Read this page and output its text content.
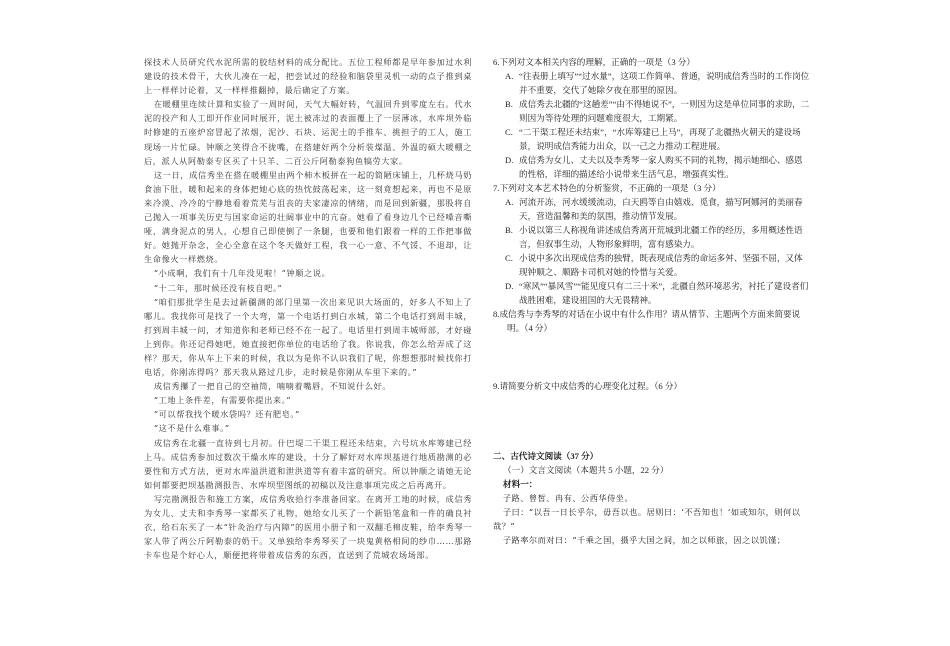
探技术人员研究代水泥所需的胶结材料的成分配比。五位工程师都是早年参加过水利建设的技术骨干，大伙儿凑在一起，把尝试过的经验和脑袋里灵机一动的点子推到桌上一样样讨论着，又一样样推翻掉，最后确定了方案。

在暖棚里连续计算和实验了一周时间，天气大幅好转，气温回升到零度左右。代水泥的投产和人工即开作业同时展开，泥土被冻过的表面覆上了一层薄冰，水库坝外临时修建的五座炉窑冒起了浓烟，泥沙、石块、运泥土的手推车、挑担子的工人，施工现场一片忙碌。钟顺之笑得合不拢嘴，在搭建好两个分析装煤温、外温的硕大暖棚之后，派人从阿勒泰专区买了十只羊、二百公斤阿勒泰狗鱼犒劳大家。

这一日，成信秀坐在搭在暖棚里由两个柿木板拼在一起的简陋床铺上，几杯烧马奶食油下肚，暖和起来的身体把她心底的热忱鼓荡起来，这一刻竟想起来，再也不是原来冷漠、冷冷的宁静地看着荒芜与沮丧的夫家凄凉的情绪，而是回到新疆，那股将自己抛入一项事关历史与国家命运的壮阔事业中的亢奋。她看了看身边几个已经嗓音嘶哑，满身泥点的男人，心想自己即使倒了一条腿，也要和他们跟着一样的工作把事做好。她抛开杂念，全心全意在这个冬天做好工程，我一心一意、不气馁、不退却，让生命像火一样燃烧。

“小成啊，我们有十几年没见啦！”钟顺之说。

“十二年，那时候还没有枝自吧。”

“咱们那批学生是去过新疆测的部门里第一次出来见识大场面的，好多人不知上了哪儿。我找你可是找了一个大弯，第一个电话打到白水城，第二个电话打到周丰城，打到周丰城一问，才知道你和老师已经不在一起了。电话里打到周丰城师部，才好碰上到你。你还记得她吧，她直接把你单位的电话给了我。你说我，你怎么给弄成了这样？那天，你从车上下来的时候，我以为是你不认识我们了呢，你想想那时候找你打电话，你刚冻得吗？那天我从路过几步，走时候是你刚从车里下来的。”

成信秀攥了一把自己的空袖筒，喃喃着嘴唇，不知说什么好。

“工地上条件差，有需要你提出来。”

“可以帮我找个暖水袋吗？还有肥皂。”

“这不是什么难事。”

成信秀在北疆一直待到七月初。什巴堤二干渠工程还未结束，六号坑水库筹建已经上马。成信秀参加过数次干燥水库的建设，十分了解好对水库坝基进行地质勘测的必要性和方式方法，更对水库溢洪道和泄洪道等有着丰富的研究。所以钟顺之请她无论如何都要把坝基勘测报告、水库坝型图纸的初稿以及注意事项完成之后再离开。

写完勘测报告和施工方案，成信秀收拾行李准备回家。在离开工地的时候，成信秀为女儿、丈夫和李秀琴一家都买了礼物，她给女儿买了一个新铅笔盒和一件的确良衬衣，给石东买了一本“针灸治疗与内障”的医用小册子和一双翻毛棉皮鞋，给李秀琴一家人带了两公斤阿勒泰的奶干。又单独给李秀琴买了一块鬼黄格相间的纱巾……那路卡车也是个好心人，顺便把将带着成信秀的东西，直送到了荒城农场场部。

6.下列对文本相关内容的理解，正确的一项是（3 分）

A. “往表册上填写”“过水量”，这项工作简单、普通，说明成信秀当时的工作岗位并不重要，交代了她除夕夜在那里的原因。

B. 成信秀去北疆的“这趟差”“由不得她说不”，一则因为这是单位同事的求助，二则因为等待处理的问题难度很大，工期紧。

C. “二干渠工程还未结束”，“水库筹建已上马”，再现了北疆热火朝天的建设场景，说明成信秀能力出众，以一己之力推动工程进展。

D. 成信秀为女儿、丈夫以及李秀琴一家人购买不同的礼物，揭示她细心、感恩的性格，详细的描述给小说带来生活气息，增强真实性。

7.下列对文本艺术特色的分析鉴赏，不正确的一项是（3 分）

A. 河流开冻，河水缓缓流动，白天鸥等自由嬉戏、觅食，描写阿娜河的美丽春天，营造温馨和美的氛围，推动情节发展。

B. 小说以第三人称视角讲述成信秀离开荒城到北疆工作的经历，多用概述性语言，但叙事生动，人物形象鲜明，富有感染力。

C. 小说中多次出现成信秀的独臂，既表现成信秀的命运多舛、坚强不屈，又体现钟顺之、顺路卡司机对她的怜惜与关爱。

D. “寒风”“暴风雪”“能见度只有二三十米”，北疆自然环境恶劣，衬托了建设者们战胜困难，建设祖国的大无畏精神。

8.成信秀与李秀琴的对话在小说中有什么作用？请从情节、主题两个方面来简要说明。（4 分）

9.请简要分析文中成信秀的心理变化过程。（6 分）

二、古代诗文阅读（37 分）

（一）文言文阅读（本题共 5 小题，22 分）

材料一：

子路、曾皙、冉有、公西华侍坐。

子曰：“以吾一日长乎尔，毋吾以也。居则曰：‘不吾知也！’如或知尔，则何以哉？”

子路率尔而对曰：“千乘之国，摄乎大国之间，加之以师旅，因之以饥馑；
